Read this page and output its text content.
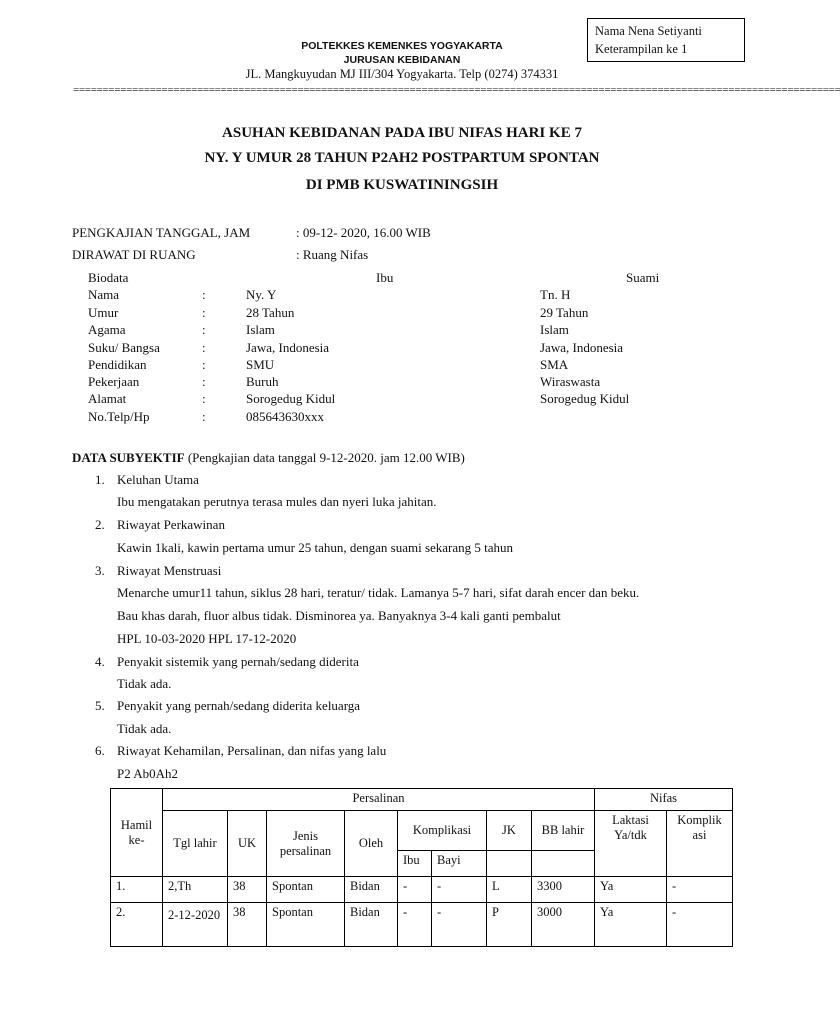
Nama Nena Setiyanti
Keterampilan ke 1
POLTEKKES KEMENKES YOGYAKARTA
JURUSAN KEBIDANAN
JL. Mangkuyudan MJ III/304 Yogyakarta. Telp (0274) 374331
==================================================================================================================================
ASUHAN KEBIDANAN PADA IBU NIFAS HARI KE 7
NY. Y UMUR 28 TAHUN P2AH2 POSTPARTUM SPONTAN
DI PMB KUSWATININGSIH
PENGKAJIAN TANGGAL, JAM	: 09-12- 2020, 16.00 WIB
DIRAWAT DI RUANG	: Ruang Nifas
Biodata	Ibu	Suami
Nama	:	Ny. Y	Tn. H
Umur	:	28 Tahun	29 Tahun
Agama	:	Islam	Islam
Suku/ Bangsa	:	Jawa, Indonesia	Jawa, Indonesia
Pendidikan	:	SMU	SMA
Pekerjaan	:	Buruh	Wiraswasta
Alamat	:	Sorogedug Kidul	Sorogedug Kidul
No.Telp/Hp	:	085643630xxx
DATA SUBYEKTIF (Pengkajian data tanggal 9-12-2020. jam 12.00 WIB)
1. Keluhan Utama
Ibu mengatakan perutnya terasa mules dan nyeri luka jahitan.
2. Riwayat Perkawinan
Kawin 1kali, kawin pertama umur 25 tahun, dengan suami sekarang 5 tahun
3. Riwayat Menstruasi
Menarche umur11 tahun, siklus 28 hari, teratur/ tidak. Lamanya 5-7 hari, sifat darah encer dan beku.
Bau khas darah, fluor albus tidak. Disminorea ya. Banyaknya 3-4 kali ganti pembalut
HPL 10-03-2020 HPL 17-12-2020
4. Penyakit sistemik yang pernah/sedang diderita
Tidak ada.
5. Penyakit yang pernah/sedang diderita keluarga
Tidak ada.
6. Riwayat Kehamilan, Persalinan, dan nifas yang lalu
P2 Ab0Ah2
Hamil ke-	Persalinan								Nifas	
	Tgl lahir	UK	Jenis persalinan	Oleh	Komplikasi		JK	BB lahir	Laktasi Ya/tdk	Komplik asi
					Ibu	Bayi				
1.	2,Th	38	Spontan	Bidan	-	-	L	3300	Ya	-
2.	2-12-2020	38	Spontan	Bidan	-	-	P	3000	Ya	-
